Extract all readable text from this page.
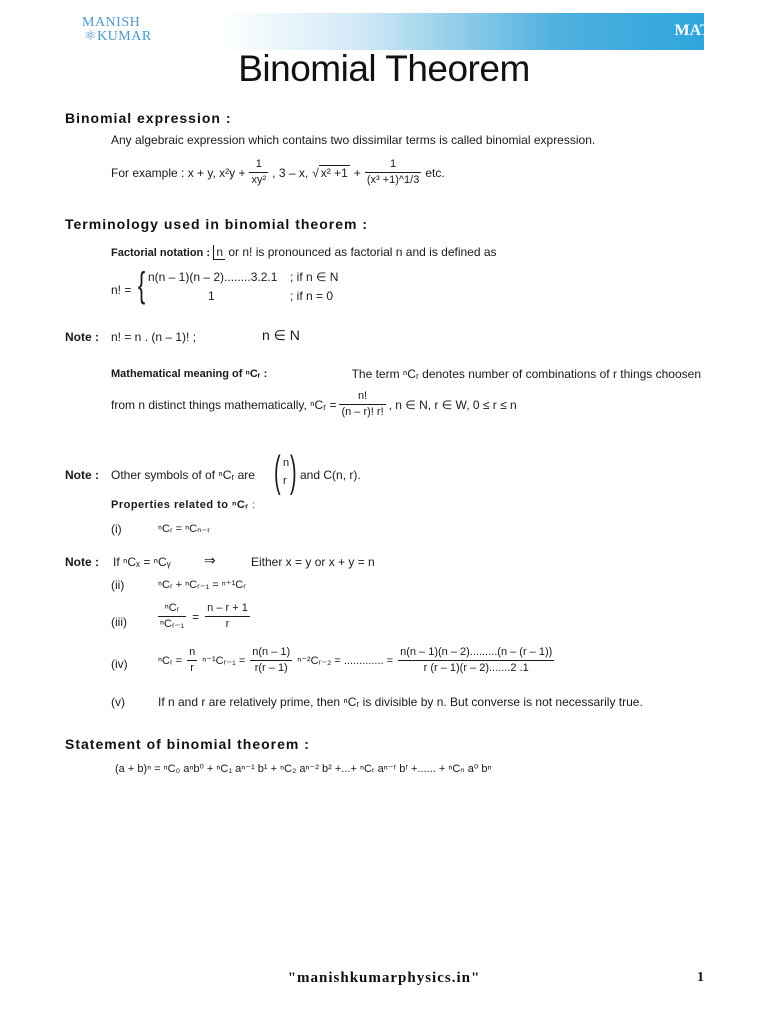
MANISH
⚛KUMAR	MATHS
Binomial Theorem
Binomial expression :
Any algebraic expression which contains two dissimilar terms is called binomial expression.
For example : x + y, $x^2y + \frac{1}{\text{xy²}}$ , 3 – x, √ $x^2 +1 + \frac{1}{\text{(x³ +1)\textasciicircum{}1/3}}$ etc.
Terminology used in binomial theorem :
Factorial notation : n or n! is pronounced as factorial n and is defined as
n! = { n(n – 1)(n – 2)........3.2.1 ; if n ∈ N
1	; if n = 0
Note : n! = n . (n – 1)! ;	n ∈ N
Mathematical meaning of ⁿCᵣ :	The term ⁿCᵣ denotes number of combinations of r things choosen
from n distinct things mathematically, ⁿCᵣ = $\frac{n!}{(n - r)! r!}$ , n ∈ N, r ∈ W, 0 ≤ r ≤ n
Note : Other symbols of of ⁿCᵣ are ( n
r ) and C(n, r).
Properties related to ⁿCᵣ :
(i)	ⁿCᵣ = ⁿCₙ₋ᵣ
Note : If ⁿCₓ = ⁿCᵧ ⇒	Either x = y or x + y = n
(ii)	ⁿCᵣ + ⁿCᵣ₋₁ = ⁿ⁺¹Cᵣ
(iii)	$\frac{\text{ⁿCᵣ}}{\text{ⁿCᵣ₋₁}} = \frac{n - r + 1}{r}$
(iv)	ⁿCᵣ = $\frac{n}{r}$ ⁿ⁻¹Cᵣ₋₁ = $\frac{n(n - 1)}{r(r - 1)}$ ⁿ⁻²Cᵣ₋₂ = ............. = $\frac{n(n - 1)(n - 2).........(n - (r - 1))}{r (r - 1)(r - 2).......2 .1}$
(v)	If n and r are relatively prime, then ⁿCᵣ is divisible by n. But converse is not necessarily true.
Statement of binomial theorem :
(a + b)ⁿ = ⁿC₀ aⁿb⁰ + ⁿC₁ aⁿ⁻¹ b¹ + ⁿC₂ aⁿ⁻² b² +...+ ⁿCᵣ aⁿ⁻ʳ bʳ +...... + ⁿCₙ a⁰ bⁿ
"manishkumarphysics.in"	1
